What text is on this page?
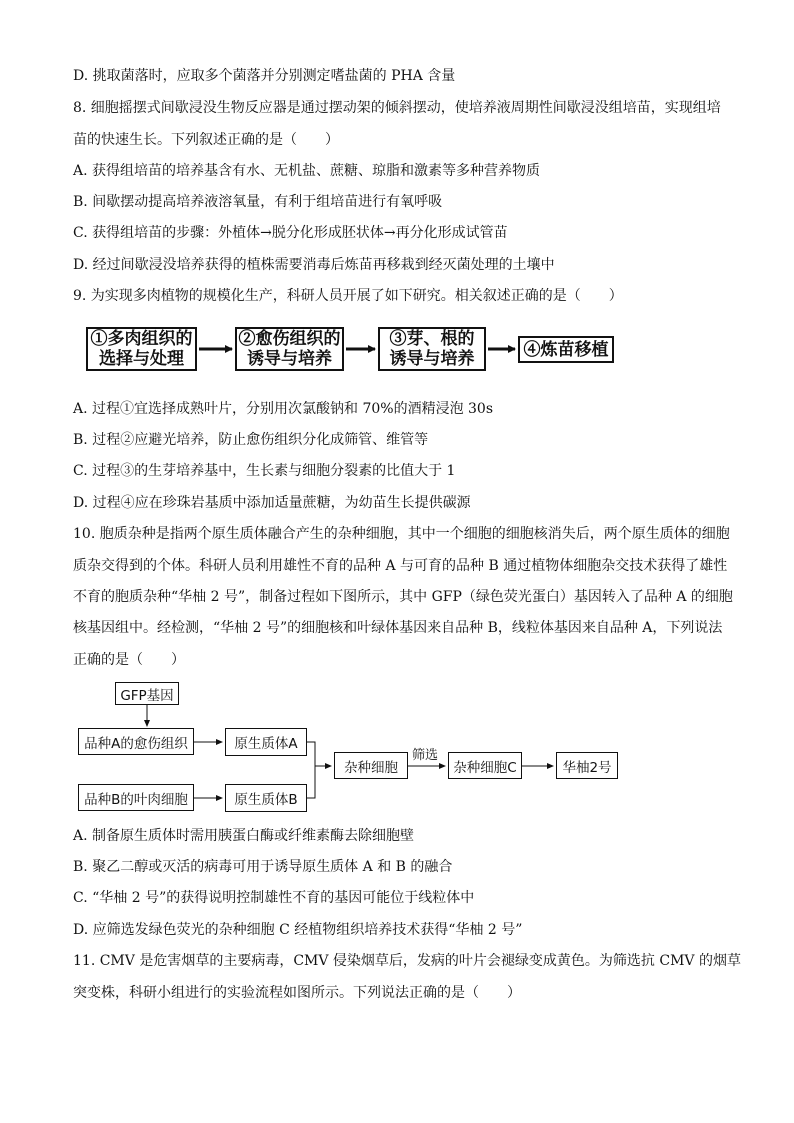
D. 挑取菌落时，应取多个菌落并分别测定嗜盐菌的 PHA 含量
8. 细胞摇摆式间歇浸没生物反应器是通过摆动架的倾斜摆动，使培养液周期性间歇浸没组培苗，实现组培
苗的快速生长。下列叙述正确的是（　　）
A. 获得组培苗的培养基含有水、无机盐、蔗糖、琼脂和激素等多种营养物质
B. 间歇摆动提高培养液溶氧量，有利于组培苗进行有氧呼吸
C. 获得组培苗的步骤：外植体→脱分化形成胚状体→再分化形成试管苗
D. 经过间歇浸没培养获得的植株需要消毒后炼苗再移栽到经灭菌处理的土壤中
9. 为实现多肉植物的规模化生产，科研人员开展了如下研究。相关叙述正确的是（　　）
A. 过程①宜选择成熟叶片，分别用次氯酸钠和 70%的酒精浸泡 30s
B. 过程②应避光培养，防止愈伤组织分化成筛管、维管等
C. 过程③的生芽培养基中，生长素与细胞分裂素的比值大于 1
D. 过程④应在珍珠岩基质中添加适量蔗糖，为幼苗生长提供碳源
10. 胞质杂种是指两个原生质体融合产生的杂种细胞，其中一个细胞的细胞核消失后，两个原生质体的细胞
质杂交得到的个体。科研人员利用雄性不育的品种 A 与可育的品种 B 通过植物体细胞杂交技术获得了雄性
不育的胞质杂种“华柚 2 号”，制备过程如下图所示，其中 GFP（绿色荧光蛋白）基因转入了品种 A 的细胞
核基因组中。经检测，“华柚 2 号”的细胞核和叶绿体基因来自品种 B，线粒体基因来自品种 A，下列说法
正确的是（　　）
A. 制备原生质体时需用胰蛋白酶或纤维素酶去除细胞壁
B. 聚乙二醇或灭活的病毒可用于诱导原生质体 A 和 B 的融合
C. “华柚 2 号”的获得说明控制雄性不育的基因可能位于线粒体中
D. 应筛选发绿色荧光的杂种细胞 C 经植物组织培养技术获得“华柚 2 号”
11. CMV 是危害烟草的主要病毒，CMV 侵染烟草后，发病的叶片会褪绿变成黄色。为筛选抗 CMV 的烟草
突变株，科研小组进行的实验流程如图所示。下列说法正确的是（　　）
①多肉组织的
选择与处理
②愈伤组织的
诱导与培养
③芽、根的
诱导与培养	④炼苗移植
GFP基因
品种A的愈伤组织
品种B的叶肉细胞
原生质体A
原生质体B
杂种细胞
筛选
杂种细胞C	华柚2号
